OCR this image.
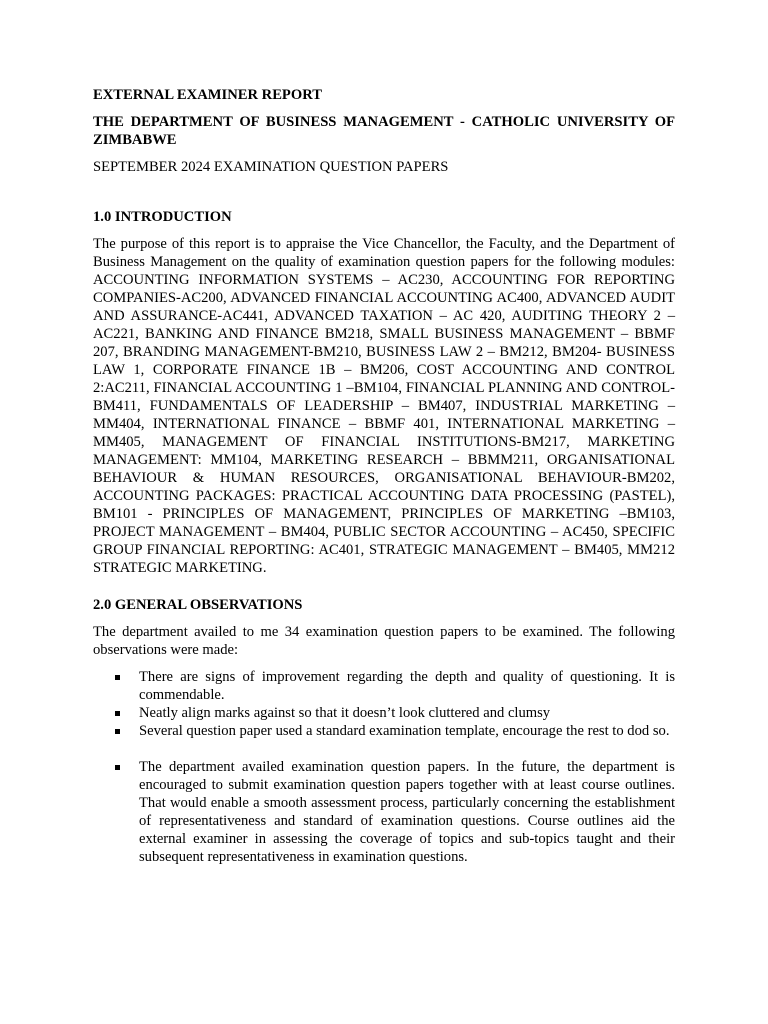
EXTERNAL EXAMINER REPORT

THE DEPARTMENT OF BUSINESS MANAGEMENT - CATHOLIC UNIVERSITY OF ZIMBABWE

SEPTEMBER 2024 EXAMINATION QUESTION PAPERS

1.0 INTRODUCTION

The purpose of this report is to appraise the Vice Chancellor, the Faculty, and the Department of Business Management on the quality of examination question papers for the following modules: ACCOUNTING INFORMATION SYSTEMS – AC230, ACCOUNTING FOR REPORTING COMPANIES-AC200, ADVANCED FINANCIAL ACCOUNTING AC400, ADVANCED AUDIT AND ASSURANCE-AC441, ADVANCED TAXATION – AC 420, AUDITING THEORY 2 – AC221, BANKING AND FINANCE BM218, SMALL BUSINESS MANAGEMENT – BBMF 207, BRANDING MANAGEMENT-BM210, BUSINESS LAW 2 – BM212, BM204- BUSINESS LAW 1, CORPORATE FINANCE 1B – BM206, COST ACCOUNTING AND CONTROL 2:AC211, FINANCIAL ACCOUNTING 1 –BM104, FINANCIAL PLANNING AND CONTROL-BM411, FUNDAMENTALS OF LEADERSHIP – BM407, INDUSTRIAL MARKETING – MM404, INTERNATIONAL FINANCE – BBMF 401, INTERNATIONAL MARKETING – MM405, MANAGEMENT OF FINANCIAL INSTITUTIONS-BM217, MARKETING MANAGEMENT: MM104, MARKETING RESEARCH – BBMM211, ORGANISATIONAL BEHAVIOUR & HUMAN RESOURCES, ORGANISATIONAL BEHAVIOUR-BM202, ACCOUNTING PACKAGES: PRACTICAL ACCOUNTING DATA PROCESSING (PASTEL), BM101 - PRINCIPLES OF MANAGEMENT, PRINCIPLES OF MARKETING –BM103, PROJECT MANAGEMENT – BM404, PUBLIC SECTOR ACCOUNTING – AC450, SPECIFIC GROUP FINANCIAL REPORTING: AC401, STRATEGIC MANAGEMENT – BM405, MM212 STRATEGIC MARKETING.

2.0 GENERAL OBSERVATIONS

The department availed to me 34 examination question papers to be examined. The following observations were made:

There are signs of improvement regarding the depth and quality of questioning. It is commendable.
Neatly align marks against so that it doesn’t look cluttered and clumsy
Several question paper used a standard examination template, encourage the rest to dod so.
The department availed examination question papers. In the future, the department is encouraged to submit examination question papers together with at least course outlines. That would enable a smooth assessment process, particularly concerning the establishment of representativeness and standard of examination questions. Course outlines aid the external examiner in assessing the coverage of topics and sub-topics taught and their subsequent representativeness in examination questions.
